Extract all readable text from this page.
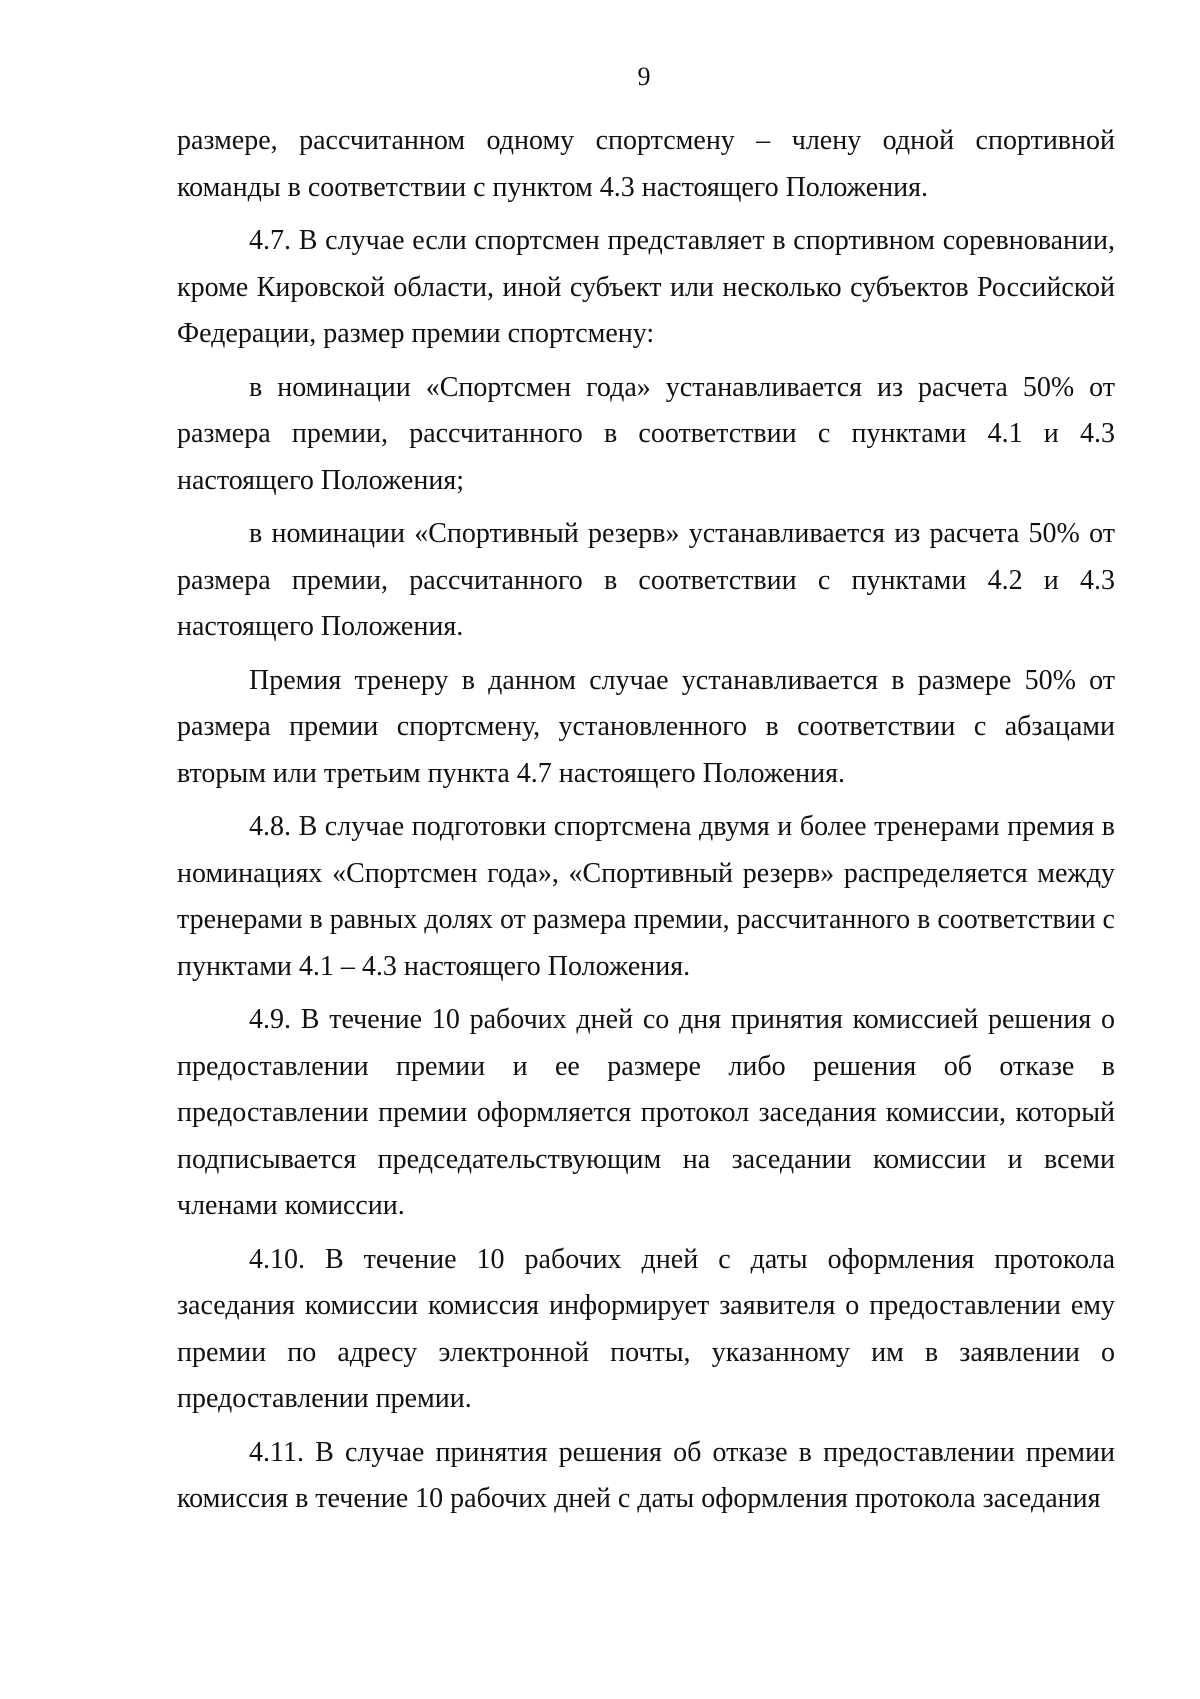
9

размере, рассчитанном одному спортсмену – члену одной спортивной команды в соответствии с пунктом 4.3 настоящего Положения.

4.7. В случае если спортсмен представляет в спортивном соревновании, кроме Кировской области, иной субъект или несколько субъектов Российской Федерации, размер премии спортсмену:

в номинации «Спортсмен года» устанавливается из расчета 50% от размера премии, рассчитанного в соответствии с пунктами 4.1 и 4.3 настоящего Положения;

в номинации «Спортивный резерв» устанавливается из расчета 50% от размера премии, рассчитанного в соответствии с пунктами 4.2 и 4.3 настоящего Положения.

Премия тренеру в данном случае устанавливается в размере 50% от размера премии спортсмену, установленного в соответствии с абзацами вторым или третьим пункта 4.7 настоящего Положения.

4.8. В случае подготовки спортсмена двумя и более тренерами премия в номинациях «Спортсмен года», «Спортивный резерв» распределяется между тренерами в равных долях от размера премии, рассчитанного в соответствии с пунктами 4.1 – 4.3 настоящего Положения.

4.9. В течение 10 рабочих дней со дня принятия комиссией решения о предоставлении премии и ее размере либо решения об отказе в предоставлении премии оформляется протокол заседания комиссии, который подписывается председательствующим на заседании комиссии и всеми членами комиссии.

4.10. В течение 10 рабочих дней с даты оформления протокола заседания комиссии комиссия информирует заявителя о предоставлении ему премии по адресу электронной почты, указанному им в заявлении о предоставлении премии.

4.11. В случае принятия решения об отказе в предоставлении премии комиссия в течение 10 рабочих дней с даты оформления протокола заседания
